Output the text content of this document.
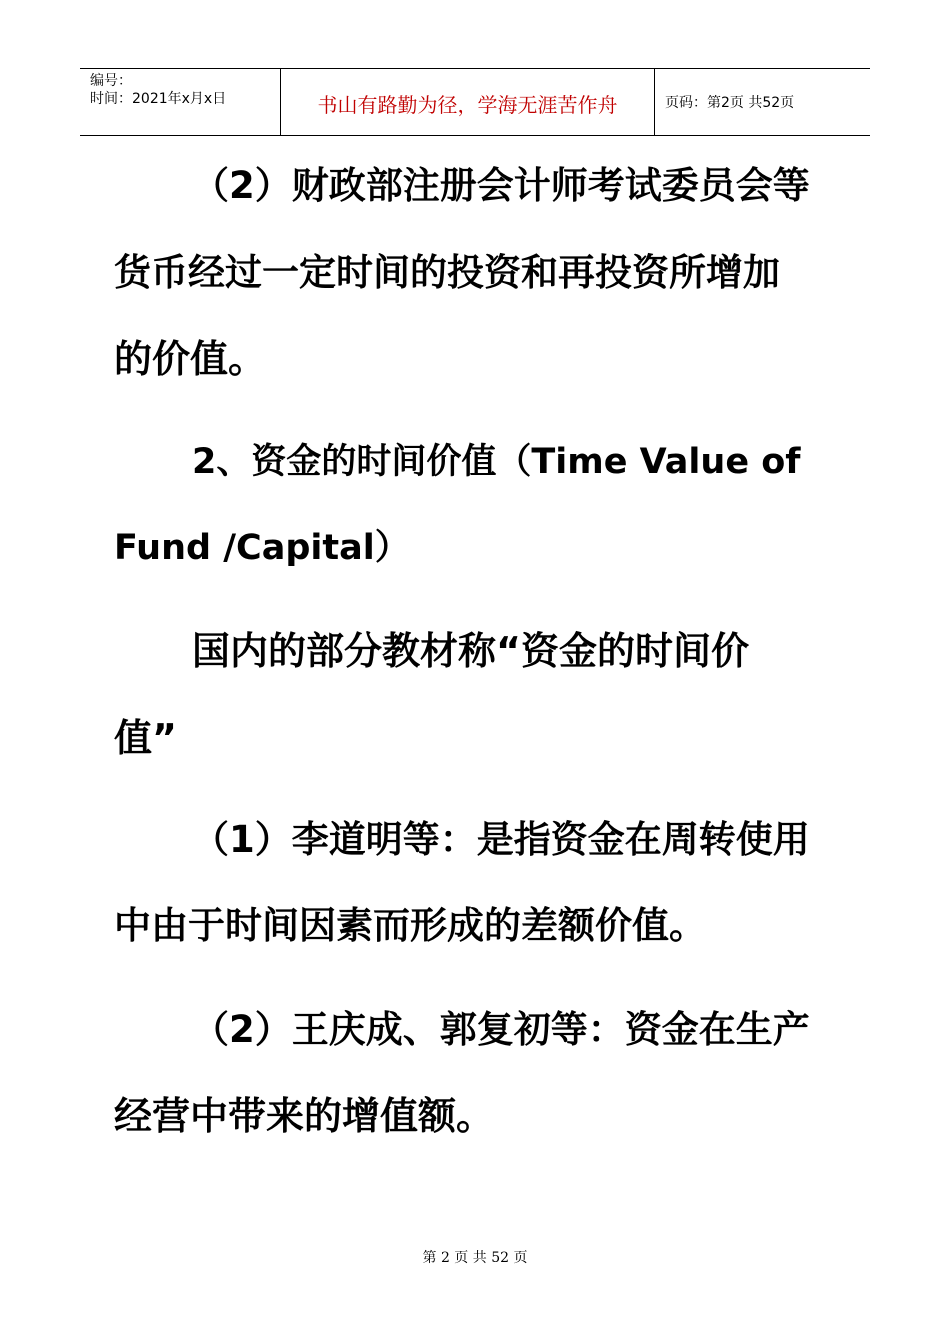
编号：
时间：2021年x月x日	书山有路勤为径，学海无涯苦作舟	页码：第2页 共52页

（2）财政部注册会计师考试委员会等

货币经过一定时间的投资和再投资所增加

的价值。

2、资金的时间价值（Time Value of

Fund /Capital）

国内的部分教材称“资金的时间价

值”

（1）李道明等：是指资金在周转使用

中由于时间因素而形成的差额价值。

（2）王庆成、郭复初等：资金在生产

经营中带来的增值额。

第 2 页 共 52 页
